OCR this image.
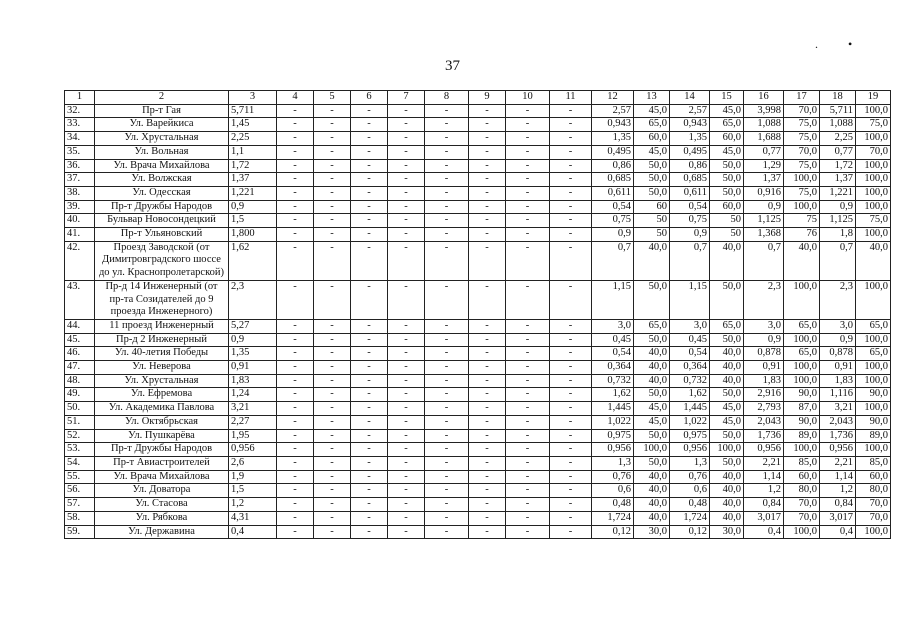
.	•
37
1	2	3	4	5	6	7	8	9	10	11	12	13	14	15	16	17	18	19
32.	Пр-т Гая	5,711	-	-	-	-	-	-	-	-	2,57	45,0	2,57	45,0	3,998	70,0	5,711	100,0
33.	Ул. Варейкиса	1,45	-	-	-	-	-	-	-	-	0,943	65,0	0,943	65,0	1,088	75,0	1,088	75,0
34.	Ул. Хрустальная	2,25	-	-	-	-	-	-	-	-	1,35	60,0	1,35	60,0	1,688	75,0	2,25	100,0
35.	Ул. Вольная	1,1	-	-	-	-	-	-	-	-	0,495	45,0	0,495	45,0	0,77	70,0	0,77	70,0
36.	Ул. Врача Михайлова	1,72	-	-	-	-	-	-	-	-	0,86	50,0	0,86	50,0	1,29	75,0	1,72	100,0
37.	Ул. Волжская	1,37	-	-	-	-	-	-	-	-	0,685	50,0	0,685	50,0	1,37	100,0	1,37	100,0
38.	Ул. Одесская	1,221	-	-	-	-	-	-	-	-	0,611	50,0	0,611	50,0	0,916	75,0	1,221	100,0
39.	Пр-т Дружбы Народов	0,9	-	-	-	-	-	-	-	-	0,54	60	0,54	60,0	0,9	100,0	0,9	100,0
40.	Бульвар Новосондецкий	1,5	-	-	-	-	-	-	-	-	0,75	50	0,75	50	1,125	75	1,125	75,0
41.	Пр-т Ульяновский	1,800	-	-	-	-	-	-	-	-	0,9	50	0,9	50	1,368	76	1,8	100,0
42.	Проезд Заводской (от Димитровградского шоссе до ул. Краснопролетарской)	1,62	-	-	-	-	-	-	-	-	0,7	40,0	0,7	40,0	0,7	40,0	0,7	40,0
43.	Пр-д 14 Инженерный (от пр-та Созидателей до 9 проезда Инженерного)	2,3	-	-	-	-	-	-	-	-	1,15	50,0	1,15	50,0	2,3	100,0	2,3	100,0
44.	11 проезд Инженерный	5,27	-	-	-	-	-	-	-	-	3,0	65,0	3,0	65,0	3,0	65,0	3,0	65,0
45.	Пр-д 2 Инженерный	0,9	-	-	-	-	-	-	-	-	0,45	50,0	0,45	50,0	0,9	100,0	0,9	100,0
46.	Ул. 40-летия Победы	1,35	-	-	-	-	-	-	-	-	0,54	40,0	0,54	40,0	0,878	65,0	0,878	65,0
47.	Ул. Неверова	0,91	-	-	-	-	-	-	-	-	0,364	40,0	0,364	40,0	0,91	100,0	0,91	100,0
48.	Ул. Хрустальная	1,83	-	-	-	-	-	-	-	-	0,732	40,0	0,732	40,0	1,83	100,0	1,83	100,0
49.	Ул. Ефремова	1,24	-	-	-	-	-	-	-	-	1,62	50,0	1,62	50,0	2,916	90,0	1,116	90,0
50.	Ул. Академика Павлова	3,21	-	-	-	-	-	-	-	-	1,445	45,0	1,445	45,0	2,793	87,0	3,21	100,0
51.	Ул. Октябрьская	2,27	-	-	-	-	-	-	-	-	1,022	45,0	1,022	45,0	2,043	90,0	2,043	90,0
52.	Ул. Пушкарёва	1,95	-	-	-	-	-	-	-	-	0,975	50,0	0,975	50,0	1,736	89,0	1,736	89,0
53.	Пр-т Дружбы Народов	0,956	-	-	-	-	-	-	-	-	0,956	100,0	0,956	100,0	0,956	100,0	0,956	100,0
54.	Пр-т Авиастроителей	2,6	-	-	-	-	-	-	-	-	1,3	50,0	1,3	50,0	2,21	85,0	2,21	85,0
55.	Ул. Врача Михайлова	1,9	-	-	-	-	-	-	-	-	0,76	40,0	0,76	40,0	1,14	60,0	1,14	60,0
56.	Ул. Доватора	1,5	-	-	-	-	-	-	-	-	0,6	40,0	0,6	40,0	1,2	80,0	1,2	80,0
57.	Ул. Стасова	1,2	-	-	-	-	-	-	-	-	0,48	40,0	0,48	40,0	0,84	70,0	0,84	70,0
58.	Ул. Рябкова	4,31	-	-	-	-	-	-	-	-	1,724	40,0	1,724	40,0	3,017	70,0	3,017	70,0
59.	Ул. Державина	0,4	-	-	-	-	-	-	-	-	0,12	30,0	0,12	30,0	0,4	100,0	0,4	100,0
